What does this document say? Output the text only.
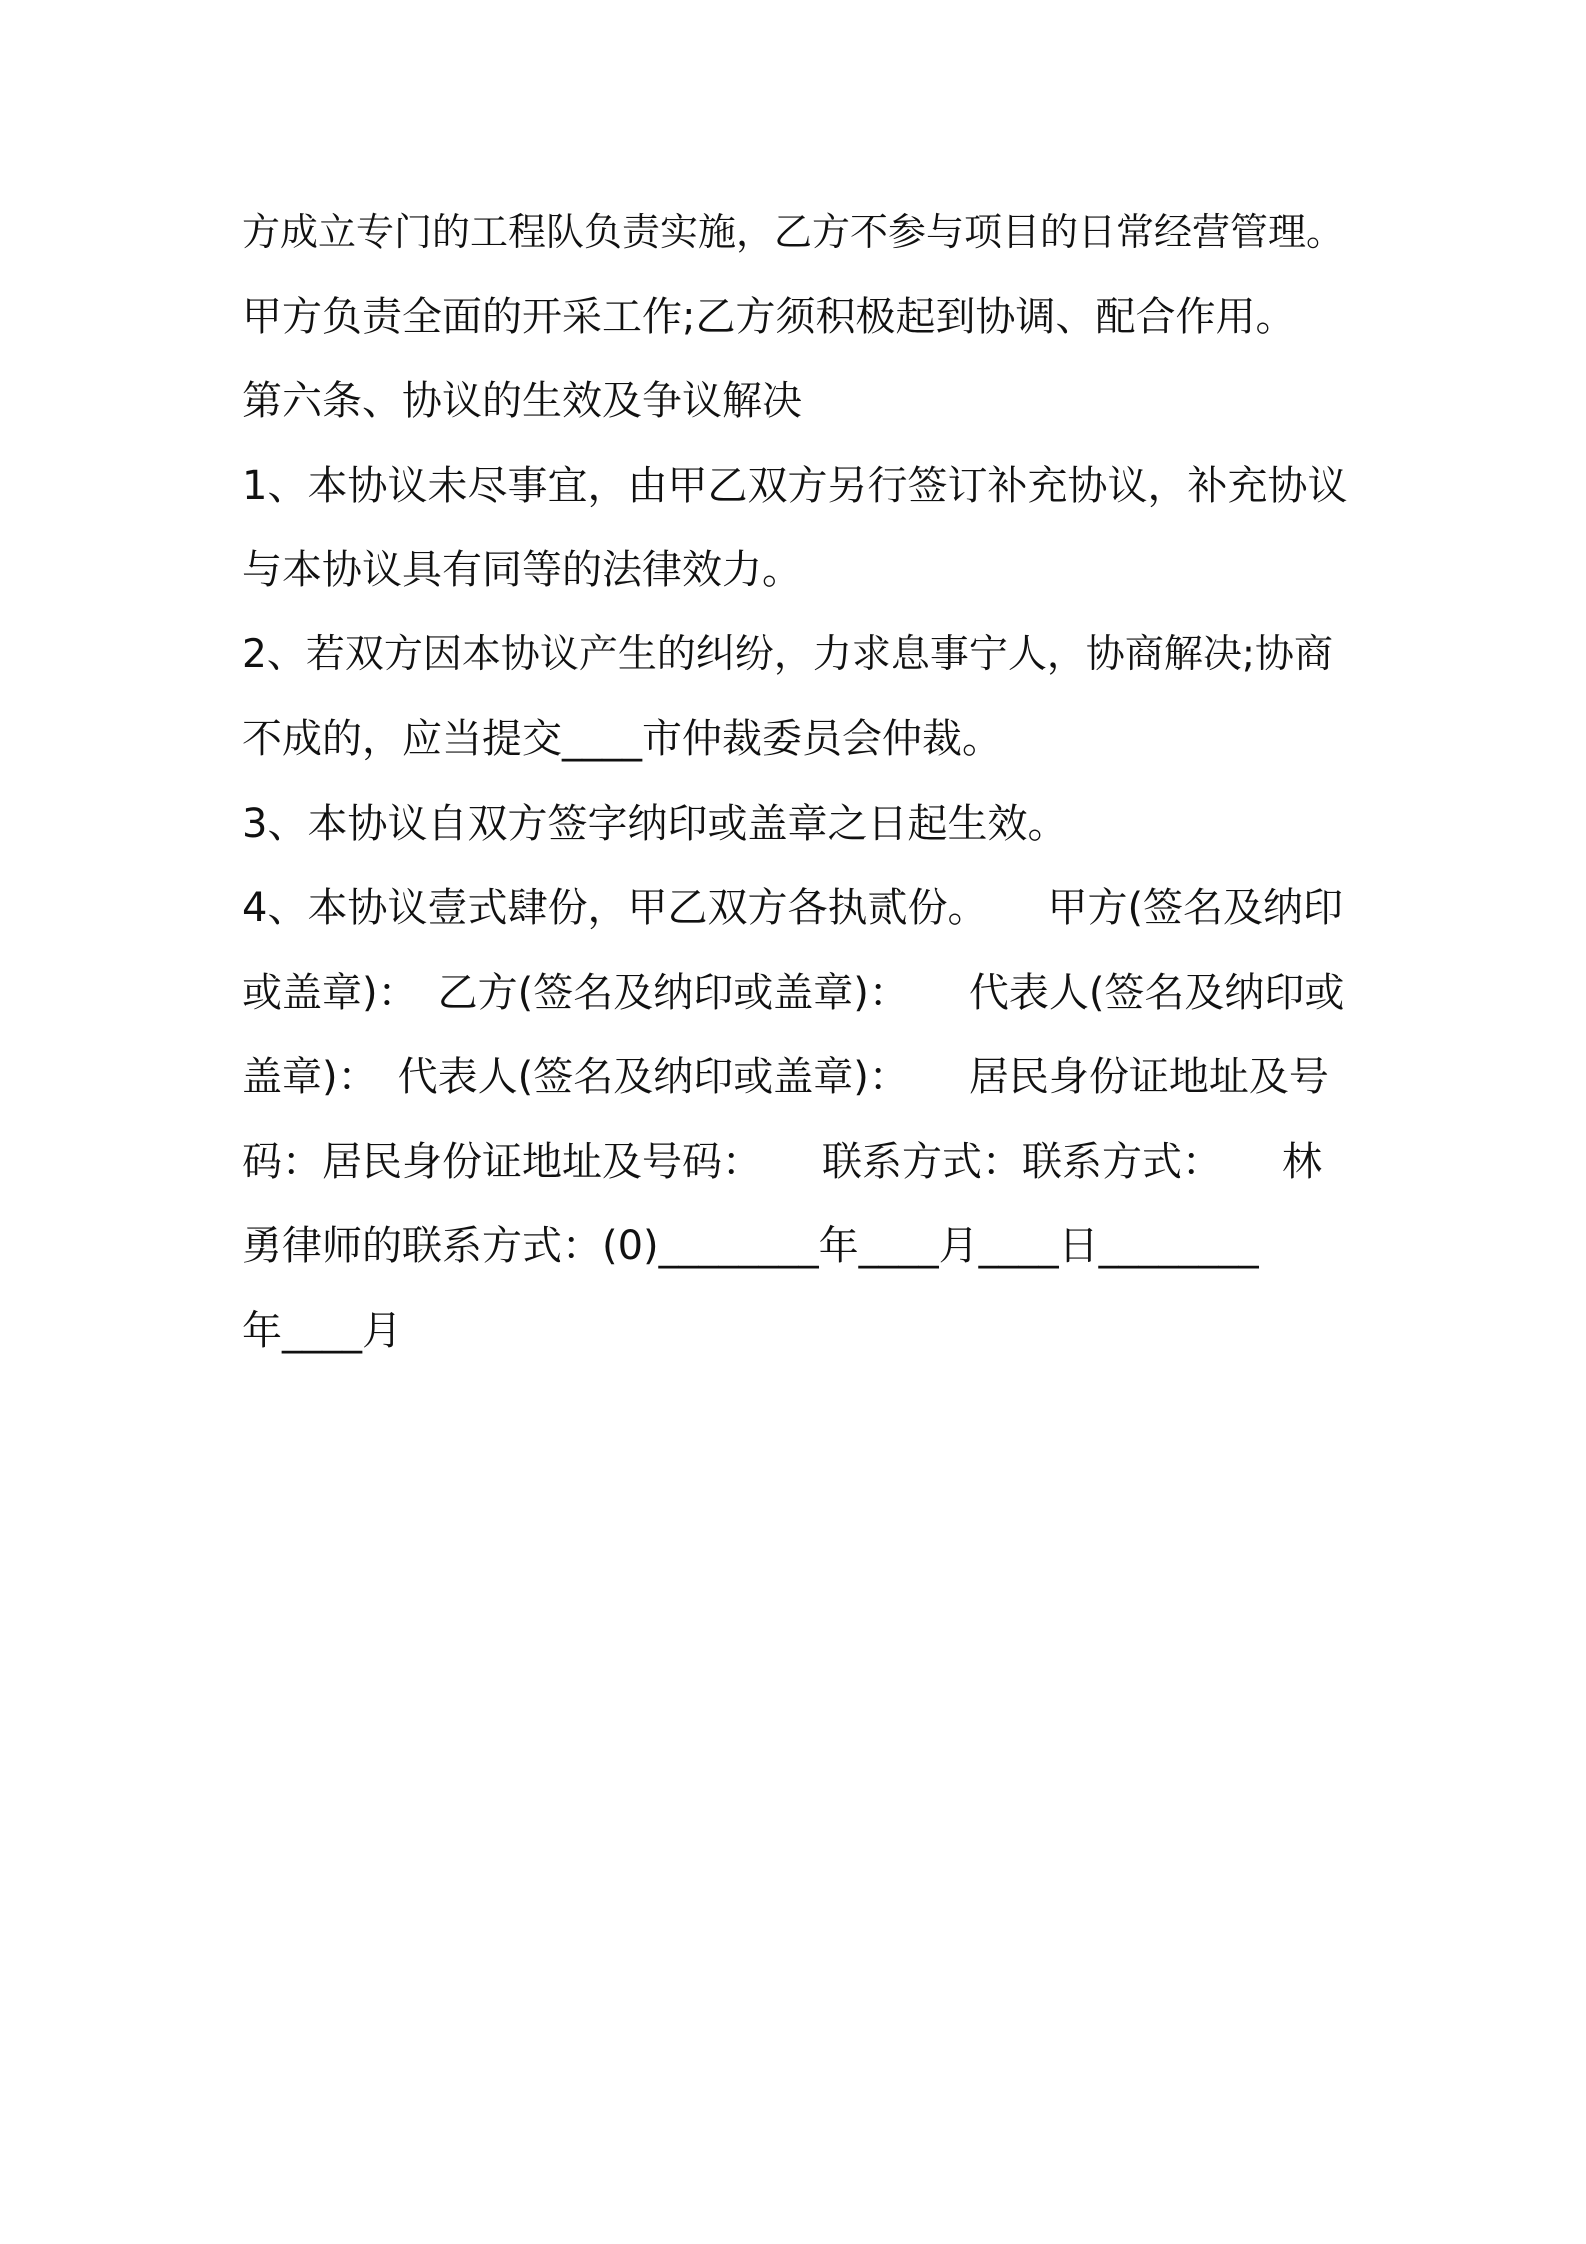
方成立专门的工程队负责实施，乙方不参与项目的日常经营管理。
甲方负责全面的开采工作;乙方须积极起到协调、配合作用。
第六条、协议的生效及争议解决
1、本协议未尽事宜，由甲乙双方另行签订补充协议，补充协议
与本协议具有同等的法律效力。
2、若双方因本协议产生的纠纷，力求息事宁人，协商解决;协商
不成的，应当提交____市仲裁委员会仲裁。
3、本协议自双方签字纳印或盖章之日起生效。
4、本协议壹式肆份，甲乙双方各执贰份。　　甲方(签名及纳印
或盖章)：　乙方(签名及纳印或盖章)：　　代表人(签名及纳印或
盖章)：　代表人(签名及纳印或盖章)：　　居民身份证地址及号
码：居民身份证地址及号码：　　联系方式：联系方式：　　林
勇律师的联系方式：(0)________年____月____日________
年____月
